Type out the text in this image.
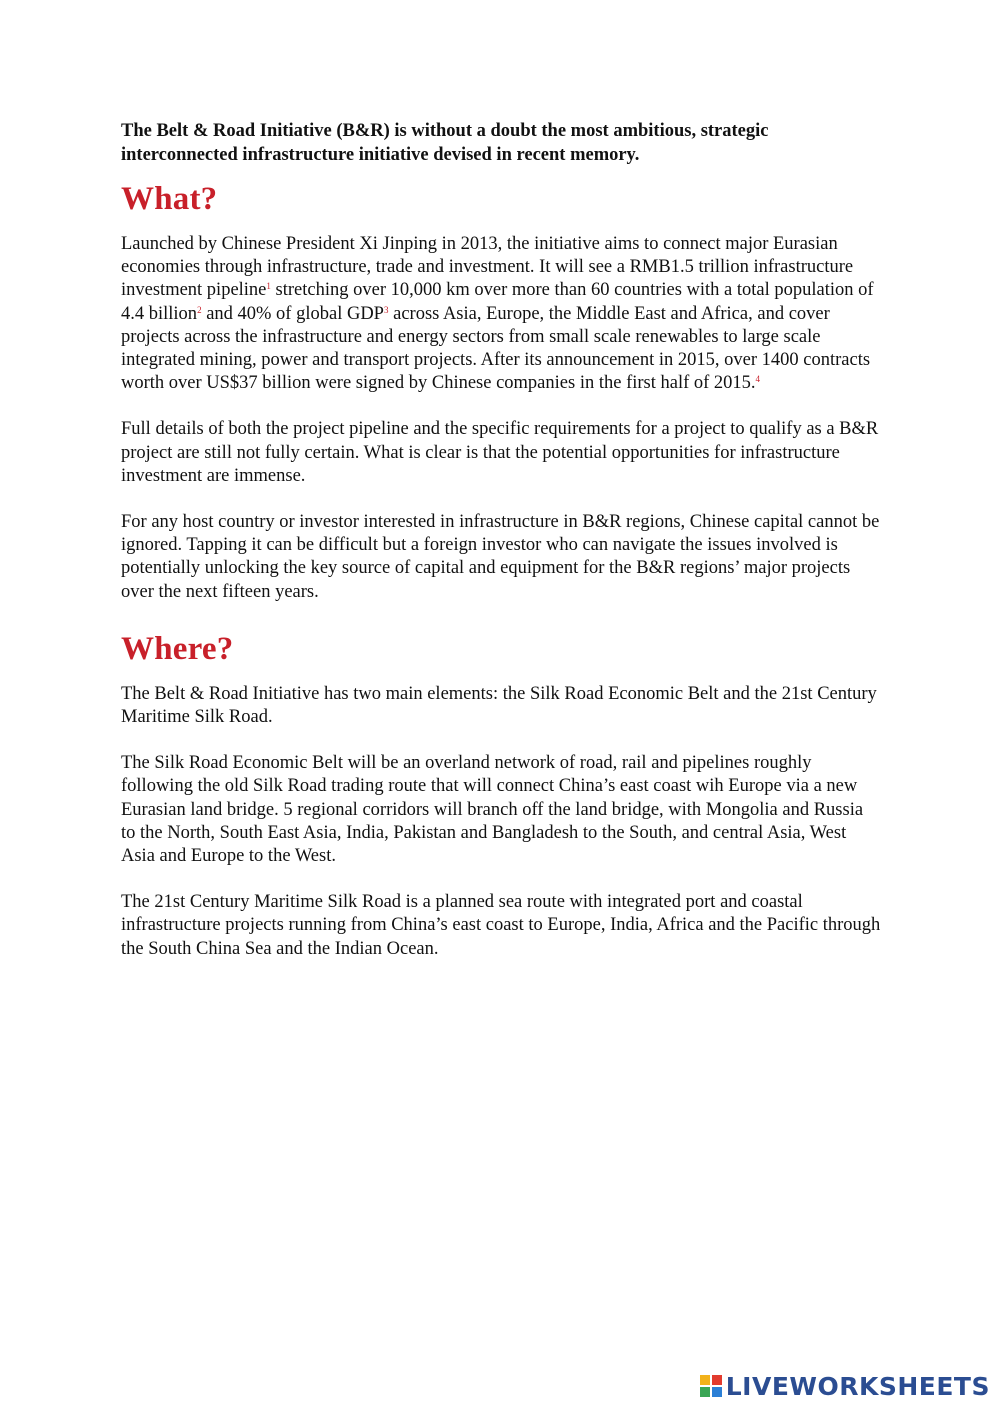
The Belt & Road Initiative (B&R) is without a doubt the most ambitious, strategic interconnected infrastructure initiative devised in recent memory.

What?
Launched by Chinese President Xi Jinping in 2013, the initiative aims to connect major Eurasian economies through infrastructure, trade and investment. It will see a RMB1.5 trillion infrastructure investment pipeline$^1$ stretching over 10,000 km over more than 60 countries with a total population of 4.4 billion$^2$ and 40% of global GDP$^3$ across Asia, Europe, the Middle East and Africa, and cover projects across the infrastructure and energy sectors from small scale renewables to large scale integrated mining, power and transport projects. After its announcement in 2015, over 1400 contracts worth over US$37 billion were signed by Chinese companies in the first half of 2015.$^4$

Full details of both the project pipeline and the specific requirements for a project to qualify as a B&R project are still not fully certain. What is clear is that the potential opportunities for infrastructure investment are immense.

For any host country or investor interested in infrastructure in B&R regions, Chinese capital cannot be ignored. Tapping it can be difficult but a foreign investor who can navigate the issues involved is potentially unlocking the key source of capital and equipment for the B&R regions’ major projects over the next fifteen years.

Where?

The Belt & Road Initiative has two main elements: the Silk Road Economic Belt and the 21st Century Maritime Silk Road.

The Silk Road Economic Belt will be an overland network of road, rail and pipelines roughly following the old Silk Road trading route that will connect China’s east coast wih Europe via a new Eurasian land bridge. 5 regional corridors will branch off the land bridge, with Mongolia and Russia to the North, South East Asia, India, Pakistan and Bangladesh to the South, and central Asia, West Asia and Europe to the West.

The 21st Century Maritime Silk Road is a planned sea route with integrated port and coastal infrastructure projects running from China’s east coast to Europe, India, Africa and the Pacific through the South China Sea and the Indian Ocean.

LIVEWORKSHEETS
